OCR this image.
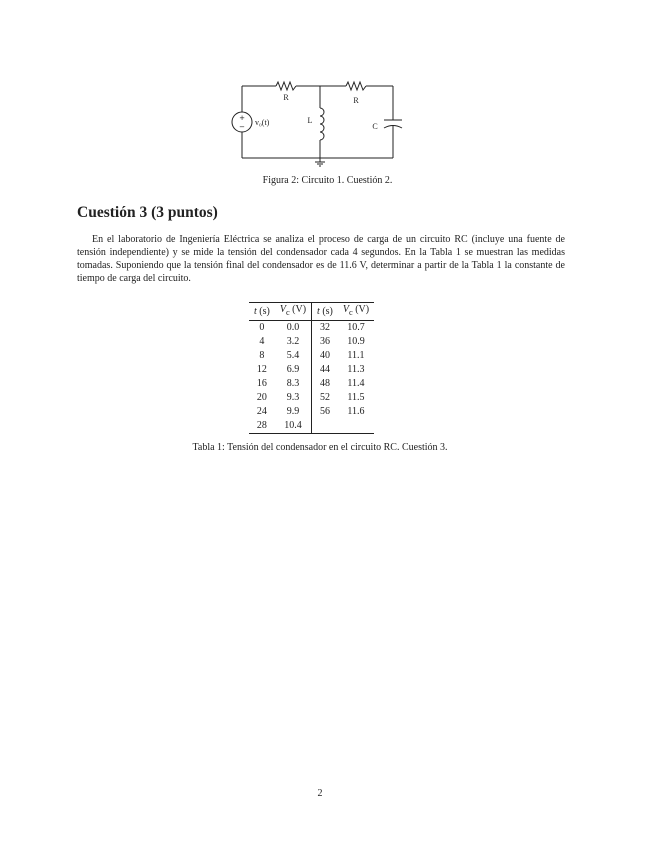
+
− v₀(t)
R	R
L
C
Figura 2: Circuito 1. Cuestión 2.
Cuestión 3 (3 puntos)

En el laboratorio de Ingeniería Eléctrica se analiza el proceso de carga de un circuito RC (incluye una fuente de tensión independiente) y se mide la tensión del condensador cada 4 segundos. En la Tabla 1 se muestran las medidas tomadas. Suponiendo que la tensión final del condensador es de 11.6 V, determinar a partir de la Tabla 1 la constante de tiempo de carga del circuito.

t (s)	$V_c$ (V)	t (s)	$V_c$ (V)
0	0.0	32	10.7
4	3.2	36	10.9
8	5.4	40	11.1
12	6.9	44	11.3
16	8.3	48	11.4
20	9.3	52	11.5
24	9.9	56	11.6
28	10.4		
Tabla 1: Tensión del condensador en el circuito RC. Cuestión 3.
2
